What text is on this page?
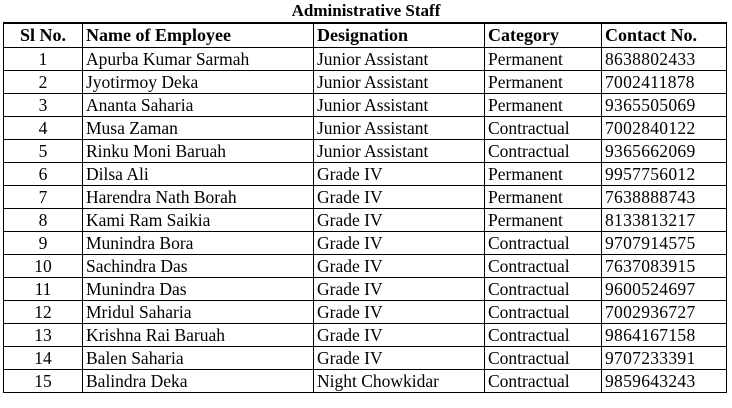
Administrative Staff
Sl No.	Name of Employee	Designation	Category	Contact No.
1	Apurba Kumar Sarmah	Junior Assistant	Permanent	8638802433
2	Jyotirmoy Deka	Junior Assistant	Permanent	7002411878
3	Ananta Saharia	Junior Assistant	Permanent	9365505069
4	Musa Zaman	Junior Assistant	Contractual	7002840122
5	Rinku Moni Baruah	Junior Assistant	Contractual	9365662069
6	Dilsa Ali	Grade IV	Permanent	9957756012
7	Harendra Nath Borah	Grade IV	Permanent	7638888743
8	Kami Ram Saikia	Grade IV	Permanent	8133813217
9	Munindra Bora	Grade IV	Contractual	9707914575
10	Sachindra Das	Grade IV	Contractual	7637083915
11	Munindra Das	Grade IV	Contractual	9600524697
12	Mridul Saharia	Grade IV	Contractual	7002936727
13	Krishna Rai Baruah	Grade IV	Contractual	9864167158
14	Balen Saharia	Grade IV	Contractual	9707233391
15	Balindra Deka	Night Chowkidar	Contractual	9859643243
